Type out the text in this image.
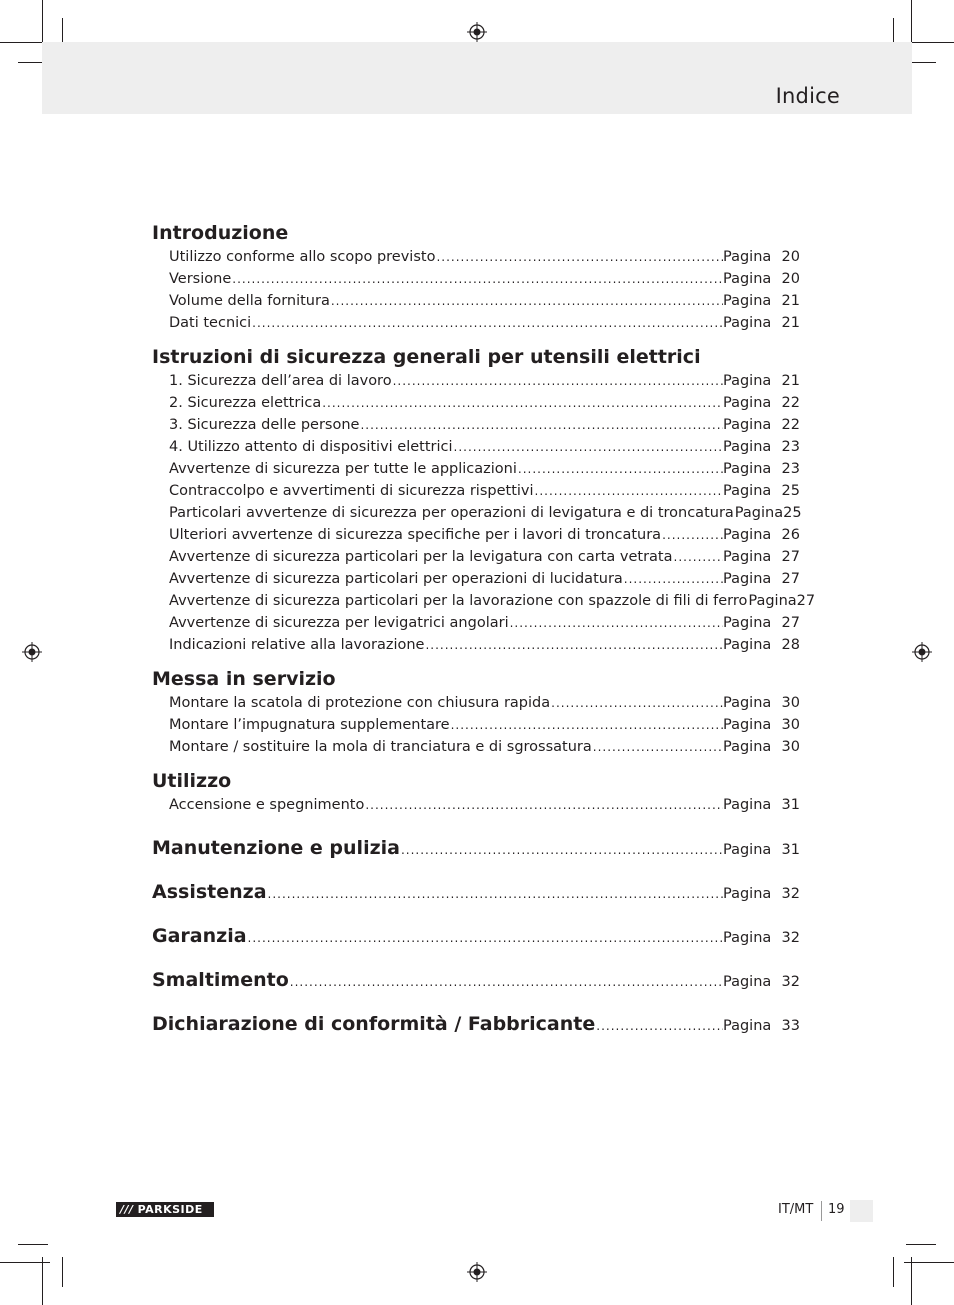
Indice
Introduzione
Utilizzo conforme allo scopo previsto .....	Pagina 20
Versione .....	Pagina 20
Volume della fornitura .....	Pagina 21
Dati tecnici .....	Pagina 21
Istruzioni di sicurezza generali per utensili elettrici
1. Sicurezza dell’area di lavoro .....	Pagina 21
2. Sicurezza elettrica .....	Pagina 22
3. Sicurezza delle persone .....	Pagina 22
4. Utilizzo attento di dispositivi elettrici .....	Pagina 23
Avvertenze di sicurezza per tutte le applicazioni .....	Pagina 23
Contraccolpo e avvertimenti di sicurezza rispettivi .....	Pagina 25
Particolari avvertenze di sicurezza per operazioni di levigatura e di troncatura Pagina 25
Ulteriori avvertenze di sicurezza specifiche per i lavori di troncatura .....	Pagina 26
Avvertenze di sicurezza particolari per la levigatura con carta vetrata .....	Pagina 27
Avvertenze di sicurezza particolari per operazioni di lucidatura .....	Pagina 27
Avvertenze di sicurezza particolari per la lavorazione con spazzole di fili di ferro Pagina 27
Avvertenze di sicurezza per levigatrici angolari .....	Pagina 27
Indicazioni relative alla lavorazione .....	Pagina 28
Messa in servizio
Montare la scatola di protezione con chiusura rapida .....	Pagina 30
Montare l’impugnatura supplementare .....	Pagina 30
Montare / sostituire la mola di tranciatura e di sgrossatura .....	Pagina 30
Utilizzo
Accensione e spegnimento .....	Pagina 31
Manutenzione e pulizia .....	Pagina 31
Assistenza .....	Pagina 32
Garanzia .....	Pagina 32
Smaltimento .....	Pagina 32
Dichiarazione di conformità / Fabbricante .....	Pagina 33
/// PARKSIDE	IT/MT 19
